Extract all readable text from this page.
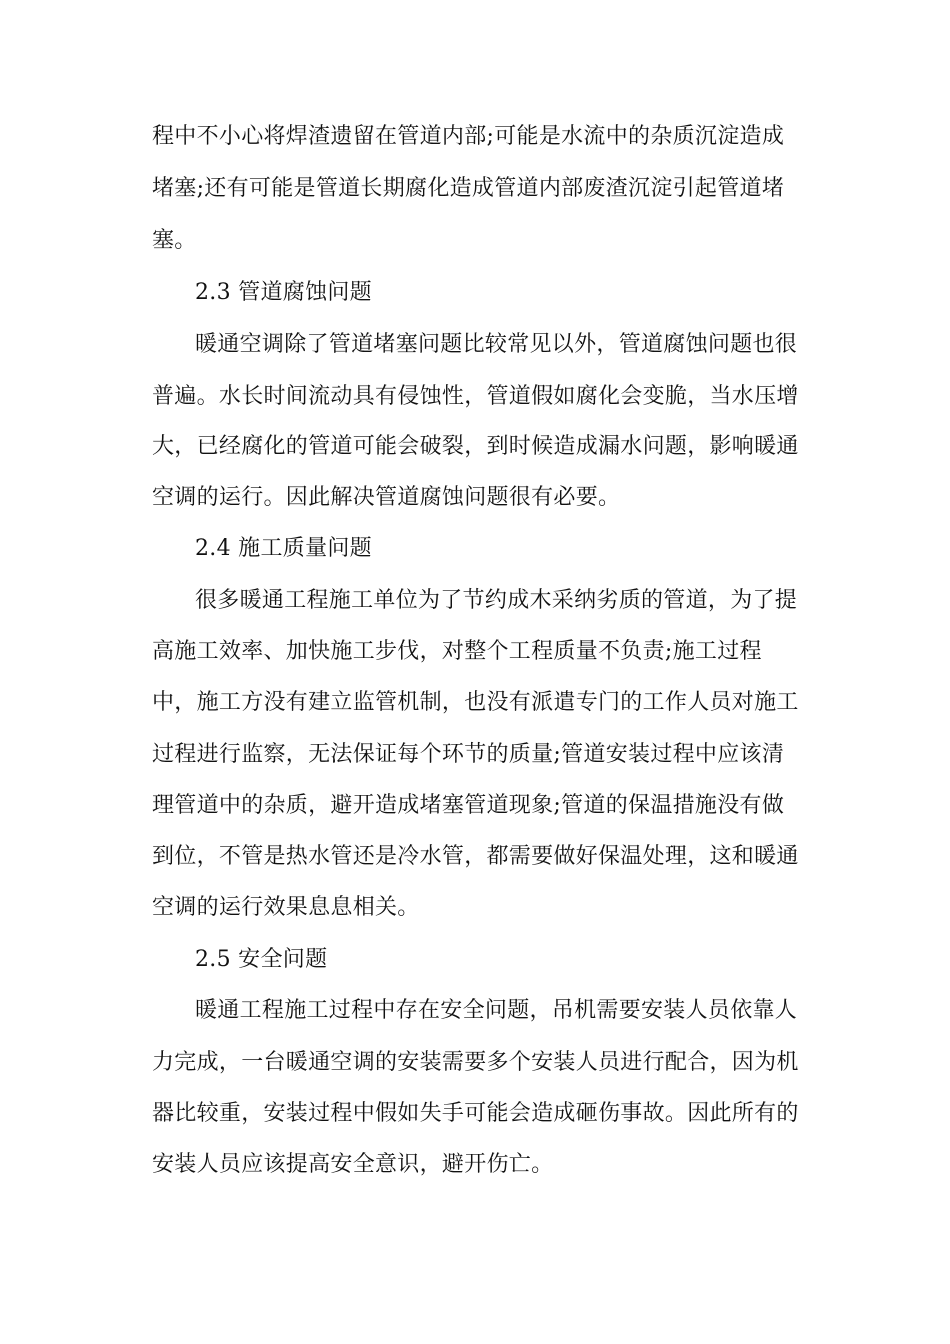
程中不小心将焊渣遗留在管道内部;可能是水流中的杂质沉淀造成
堵塞;还有可能是管道长期腐化造成管道内部废渣沉淀引起管道堵
塞。
2.3 管道腐蚀问题
暖通空调除了管道堵塞问题比较常见以外，管道腐蚀问题也很
普遍。水长时间流动具有侵蚀性，管道假如腐化会变脆，当水压增
大，已经腐化的管道可能会破裂，到时候造成漏水问题，影响暖通
空调的运行。因此解决管道腐蚀问题很有必要。
2.4 施工质量问题
很多暖通工程施工单位为了节约成木采纳劣质的管道，为了提
高施工效率、加快施工步伐，对整个工程质量不负责;施工过程
中，施工方没有建立监管机制，也没有派遣专门的工作人员对施工
过程进行监察，无法保证每个环节的质量;管道安装过程中应该清
理管道中的杂质，避开造成堵塞管道现象;管道的保温措施没有做
到位，不管是热水管还是冷水管，都需要做好保温处理，这和暖通
空调的运行效果息息相关。
2.5 安全问题
暖通工程施工过程中存在安全问题，吊机需要安装人员依靠人
力完成，一台暖通空调的安装需要多个安装人员进行配合，因为机
器比较重，安装过程中假如失手可能会造成砸伤事故。因此所有的
安装人员应该提高安全意识，避开伤亡。
